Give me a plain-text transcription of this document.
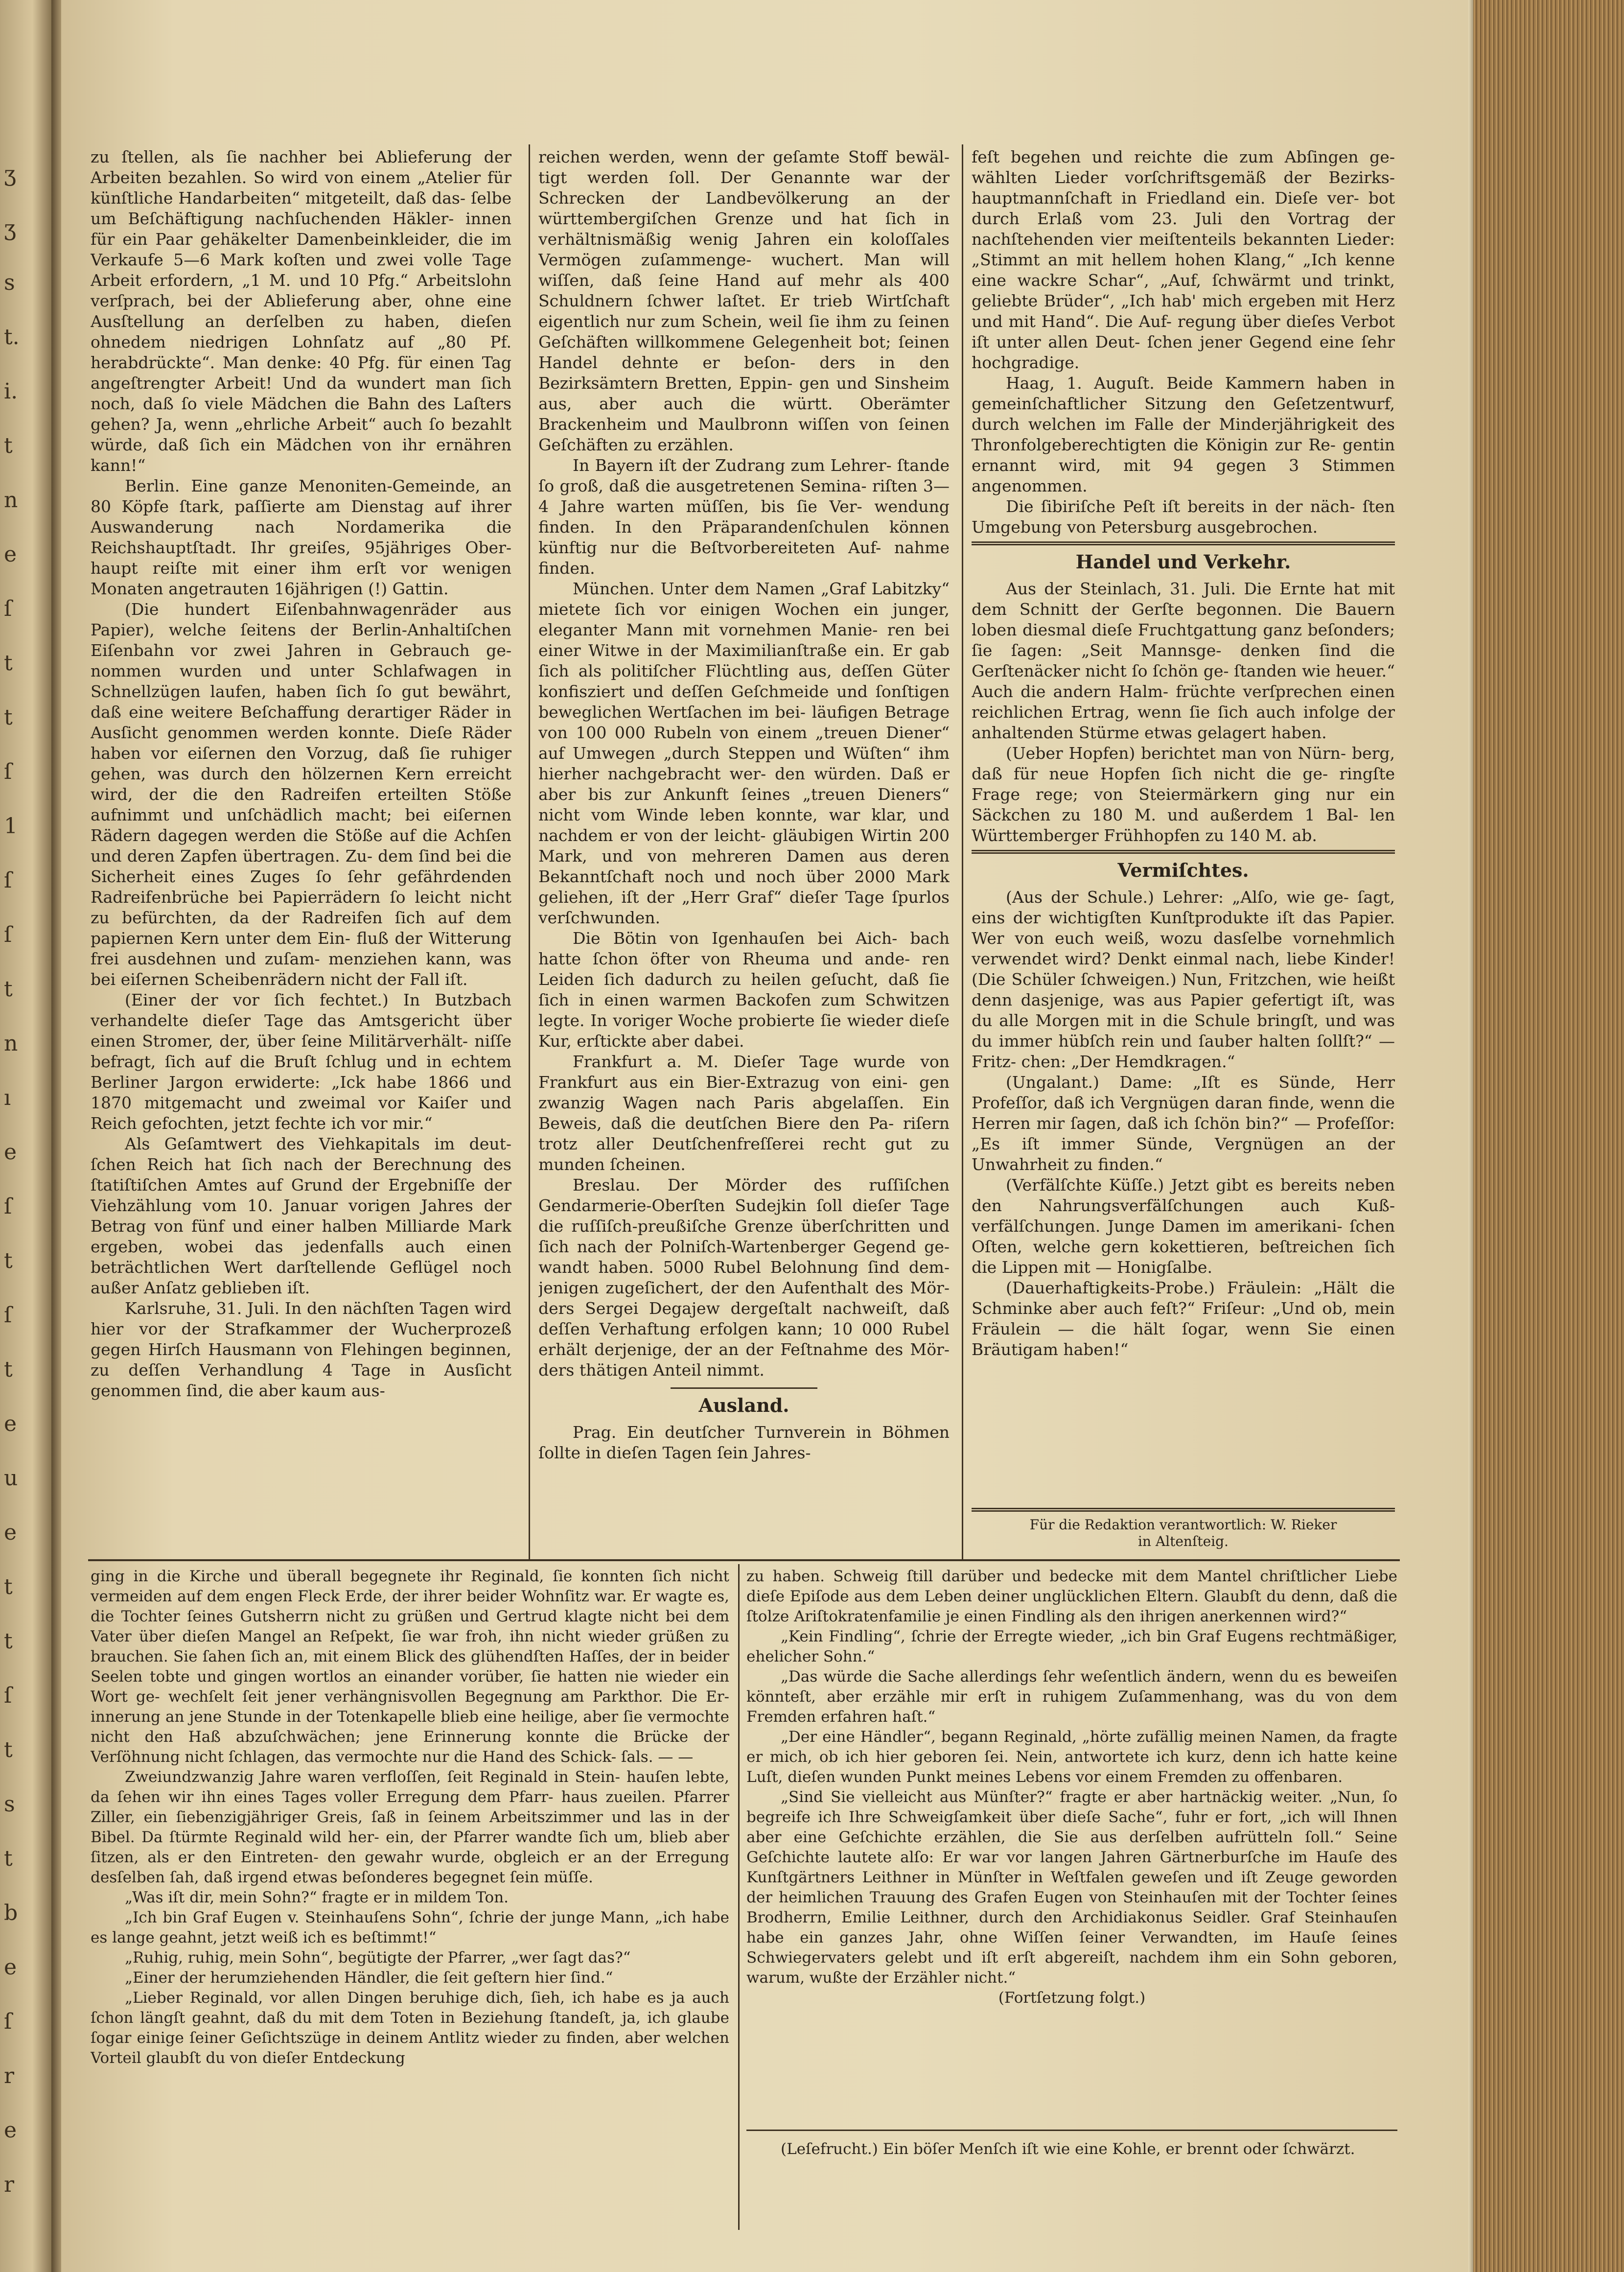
ʒ
ʒ
s
t.
i.
t
n
e
ſ
t
t
ſ
1
ſ
ſ
t
n
ı
e
ſ
t
ſ
t
e
u
e
t
t
ſ
t
s
t
b
e
ſ
r
e
r

zu ſtellen, als ſie nachher bei Ablieferung der Arbeiten bezahlen. So wird von einem „Atelier für künſtliche Handarbeiten“ mitgeteilt, daß das- ſelbe um Beſchäftigung nachſuchenden Häkler- innen für ein Paar gehäkelter Damenbeinkleider, die im Verkaufe 5—6 Mark koſten und zwei volle Tage Arbeit erfordern, „1 M. und 10 Pfg.“ Arbeitslohn verſprach, bei der Ablieferung aber, ohne eine Ausſtellung an derſelben zu haben, dieſen ohnedem niedrigen Lohnſatz auf „80 Pf. herabdrückte“. Man denke: 40 Pfg. für einen Tag angeſtrengter Arbeit! Und da wundert man ſich noch, daß ſo viele Mädchen die Bahn des Laſters gehen? Ja, wenn „ehrliche Arbeit“ auch ſo bezahlt würde, daß ſich ein Mädchen von ihr ernähren kann!“

Berlin. Eine ganze Menoniten-Gemeinde, an 80 Köpfe ſtark, paſſierte am Dienstag auf ihrer Auswanderung nach Nordamerika die Reichshauptſtadt. Ihr greiſes, 95jähriges Ober- haupt reiſte mit einer ihm erſt vor wenigen Monaten angetrauten 16jährigen (!) Gattin.

(Die hundert Eiſenbahnwagenräder aus Papier), welche ſeitens der Berlin-Anhaltiſchen Eiſenbahn vor zwei Jahren in Gebrauch ge- nommen wurden und unter Schlafwagen in Schnellzügen laufen, haben ſich ſo gut bewährt, daß eine weitere Beſchaffung derartiger Räder in Ausſicht genommen werden konnte. Dieſe Räder haben vor eiſernen den Vorzug, daß ſie ruhiger gehen, was durch den hölzernen Kern erreicht wird, der die den Radreifen erteilten Stöße aufnimmt und unſchädlich macht; bei eiſernen Rädern dagegen werden die Stöße auf die Achſen und deren Zapfen übertragen. Zu- dem ſind bei die Sicherheit eines Zuges ſo ſehr gefährdenden Radreifenbrüche bei Papierrädern ſo leicht nicht zu befürchten, da der Radreifen ſich auf dem papiernen Kern unter dem Ein- fluß der Witterung frei ausdehnen und zuſam- menziehen kann, was bei eiſernen Scheibenrädern nicht der Fall iſt.

(Einer der vor ſich fechtet.) In Butzbach verhandelte dieſer Tage das Amtsgericht über einen Stromer, der, über ſeine Militärverhält- niſſe befragt, ſich auf die Bruſt ſchlug und in echtem Berliner Jargon erwiderte: „Ick habe 1866 und 1870 mitgemacht und zweimal vor Kaiſer und Reich gefochten, jetzt fechte ich vor mir.“

Als Geſamtwert des Viehkapitals im deut- ſchen Reich hat ſich nach der Berechnung des ſtatiſtiſchen Amtes auf Grund der Ergebniſſe der Viehzählung vom 10. Januar vorigen Jahres der Betrag von fünf und einer halben Milliarde Mark ergeben, wobei das jedenfalls auch einen beträchtlichen Wert darſtellende Geflügel noch außer Anſatz geblieben iſt.

Karlsruhe, 31. Juli. In den nächſten Tagen wird hier vor der Strafkammer der Wucherprozeß gegen Hirſch Hausmann von Flehingen beginnen, zu deſſen Verhandlung 4 Tage in Ausſicht genommen ſind, die aber kaum aus-

reichen werden, wenn der geſamte Stoff bewäl- tigt werden ſoll. Der Genannte war der Schrecken der Landbevölkerung an der württembergiſchen Grenze und hat ſich in verhältnismäßig wenig Jahren ein koloſſales Vermögen zuſammenge- wuchert. Man will wiſſen, daß ſeine Hand auf mehr als 400 Schuldnern ſchwer laſtet. Er trieb Wirtſchaft eigentlich nur zum Schein, weil ſie ihm zu ſeinen Geſchäften willkommene Gelegenheit bot; ſeinen Handel dehnte er beſon- ders in den Bezirksämtern Bretten, Eppin- gen und Sinsheim aus, aber auch die württ. Oberämter Brackenheim und Maulbronn wiſſen von ſeinen Geſchäften zu erzählen.

In Bayern iſt der Zudrang zum Lehrer- ſtande ſo groß, daß die ausgetretenen Semina- riſten 3—4 Jahre warten müſſen, bis ſie Ver- wendung finden. In den Präparandenſchulen können künftig nur die Beſtvorbereiteten Auf- nahme finden.

München. Unter dem Namen „Graf Labitzky“ mietete ſich vor einigen Wochen ein junger, eleganter Mann mit vornehmen Manie- ren bei einer Witwe in der Maximilianſtraße ein. Er gab ſich als politiſcher Flüchtling aus, deſſen Güter konfisziert und deſſen Geſchmeide und ſonſtigen beweglichen Wertſachen im bei- läufigen Betrage von 100 000 Rubeln von einem „treuen Diener“ auf Umwegen „durch Steppen und Wüſten“ ihm hierher nachgebracht wer- den würden. Daß er aber bis zur Ankunft ſeines „treuen Dieners“ nicht vom Winde leben konnte, war klar, und nachdem er von der leicht- gläubigen Wirtin 200 Mark, und von mehreren Damen aus deren Bekanntſchaft noch und noch über 2000 Mark geliehen, iſt der „Herr Graf“ dieſer Tage ſpurlos verſchwunden.

Die Bötin von Igenhauſen bei Aich- bach hatte ſchon öfter von Rheuma und ande- ren Leiden ſich dadurch zu heilen geſucht, daß ſie ſich in einen warmen Backofen zum Schwitzen legte. In voriger Woche probierte ſie wieder dieſe Kur, erſtickte aber dabei.

Frankfurt a. M. Dieſer Tage wurde von Frankfurt aus ein Bier-Extrazug von eini- gen zwanzig Wagen nach Paris abgelaſſen. Ein Beweis, daß die deutſchen Biere den Pa- riſern trotz aller Deutſchenfreſſerei recht gut zu munden ſcheinen.

Breslau. Der Mörder des ruſſiſchen Gendarmerie-Oberſten Sudejkin ſoll dieſer Tage die ruſſiſch-preußiſche Grenze überſchritten und ſich nach der Polniſch-Wartenberger Gegend ge- wandt haben. 5000 Rubel Belohnung ſind dem- jenigen zugeſichert, der den Aufenthalt des Mör- ders Sergei Degajew dergeſtalt nachweiſt, daß deſſen Verhaftung erfolgen kann; 10 000 Rubel erhält derjenige, der an der Feſtnahme des Mör- ders thätigen Anteil nimmt.

Ausland.

Prag. Ein deutſcher Turnverein in Böhmen ſollte in dieſen Tagen ſein Jahres-

feſt begehen und reichte die zum Abſingen ge- wählten Lieder vorſchriftsgemäß der Bezirks- hauptmannſchaft in Friedland ein. Dieſe ver- bot durch Erlaß vom 23. Juli den Vortrag der nachſtehenden vier meiſtenteils bekannten Lieder: „Stimmt an mit hellem hohen Klang,“ „Ich kenne eine wackre Schar“, „Auf, ſchwärmt und trinkt, geliebte Brüder“, „Ich hab' mich ergeben mit Herz und mit Hand“. Die Auf- regung über dieſes Verbot iſt unter allen Deut- ſchen jener Gegend eine ſehr hochgradige.

Haag, 1. Auguſt. Beide Kammern haben in gemeinſchaftlicher Sitzung den Geſetzentwurf, durch welchen im Falle der Minderjährigkeit des Thronfolgeberechtigten die Königin zur Re- gentin ernannt wird, mit 94 gegen 3 Stimmen angenommen.

Die ſibiriſche Peſt iſt bereits in der näch- ſten Umgebung von Petersburg ausgebrochen.

Handel und Verkehr.

Aus der Steinlach, 31. Juli. Die Ernte hat mit dem Schnitt der Gerſte begonnen. Die Bauern loben diesmal dieſe Fruchtgattung ganz beſonders; ſie ſagen: „Seit Mannsge- denken ſind die Gerſtenäcker nicht ſo ſchön ge- ſtanden wie heuer.“ Auch die andern Halm- früchte verſprechen einen reichlichen Ertrag, wenn ſie ſich auch infolge der anhaltenden Stürme etwas gelagert haben.

(Ueber Hopfen) berichtet man von Nürn- berg, daß für neue Hopfen ſich nicht die ge- ringſte Frage rege; von Steiermärkern ging nur ein Säckchen zu 180 M. und außerdem 1 Bal- len Württemberger Frühhopfen zu 140 M. ab.

Vermiſchtes.

(Aus der Schule.) Lehrer: „Alſo, wie ge- ſagt, eins der wichtigſten Kunſtprodukte iſt das Papier. Wer von euch weiß, wozu dasſelbe vornehmlich verwendet wird? Denkt einmal nach, liebe Kinder! (Die Schüler ſchweigen.) Nun, Fritzchen, wie heißt denn dasjenige, was aus Papier gefertigt iſt, was du alle Morgen mit in die Schule bringſt, und was du immer hübſch rein und ſauber halten ſollſt?“ — Fritz- chen: „Der Hemdkragen.“

(Ungalant.) Dame: „Iſt es Sünde, Herr Profeſſor, daß ich Vergnügen daran finde, wenn die Herren mir ſagen, daß ich ſchön bin?“ — Profeſſor: „Es iſt immer Sünde, Vergnügen an der Unwahrheit zu finden.“

(Verfälſchte Küſſe.) Jetzt gibt es bereits neben den Nahrungsverfälſchungen auch Kuß- verfälſchungen. Junge Damen im amerikani- ſchen Oſten, welche gern kokettieren, beſtreichen ſich die Lippen mit — Honigſalbe.

(Dauerhaftigkeits-Probe.) Fräulein: „Hält die Schminke aber auch feſt?“ Friſeur: „Und ob, mein Fräulein — die hält ſogar, wenn Sie einen Bräutigam haben!“

Für die Redaktion verantwortlich: W. Rieker
in Altenſteig.

ging in die Kirche und überall begegnete ihr Reginald, ſie konnten ſich nicht vermeiden auf dem engen Fleck Erde, der ihrer beider Wohnſitz war. Er wagte es, die Tochter ſeines Gutsherrn nicht zu grüßen und Gertrud klagte nicht bei dem Vater über dieſen Mangel an Reſpekt, ſie war froh, ihn nicht wieder grüßen zu brauchen. Sie ſahen ſich an, mit einem Blick des glühendſten Haſſes, der in beider Seelen tobte und gingen wortlos an einander vorüber, ſie hatten nie wieder ein Wort ge- wechſelt ſeit jener verhängnisvollen Begegnung am Parkthor. Die Er- innerung an jene Stunde in der Totenkapelle blieb eine heilige, aber ſie vermochte nicht den Haß abzuſchwächen; jene Erinnerung konnte die Brücke der Verſöhnung nicht ſchlagen, das vermochte nur die Hand des Schick- ſals. — —

Zweiundzwanzig Jahre waren verfloſſen, ſeit Reginald in Stein- hauſen lebte, da ſehen wir ihn eines Tages voller Erregung dem Pfarr- haus zueilen. Pfarrer Ziller, ein ſiebenzigjähriger Greis, ſaß in ſeinem Arbeitszimmer und las in der Bibel. Da ſtürmte Reginald wild her- ein, der Pfarrer wandte ſich um, blieb aber ſitzen, als er den Eintreten- den gewahr wurde, obgleich er an der Erregung desſelben ſah, daß irgend etwas beſonderes begegnet ſein müſſe.

„Was iſt dir, mein Sohn?“ fragte er in mildem Ton.

„Ich bin Graf Eugen v. Steinhauſens Sohn“, ſchrie der junge Mann, „ich habe es lange geahnt, jetzt weiß ich es beſtimmt!“

„Ruhig, ruhig, mein Sohn“, begütigte der Pfarrer, „wer ſagt das?“

„Einer der herumziehenden Händler, die ſeit geſtern hier ſind.“

„Lieber Reginald, vor allen Dingen beruhige dich, ſieh, ich habe es ja auch ſchon längſt geahnt, daß du mit dem Toten in Beziehung ſtandeſt, ja, ich glaube ſogar einige ſeiner Geſichtszüge in deinem Antlitz wieder zu finden, aber welchen Vorteil glaubſt du von dieſer Entdeckung

zu haben. Schweig ſtill darüber und bedecke mit dem Mantel chriſtlicher Liebe dieſe Epiſode aus dem Leben deiner unglücklichen Eltern. Glaubſt du denn, daß die ſtolze Ariſtokratenfamilie je einen Findling als den ihrigen anerkennen wird?“

„Kein Findling“, ſchrie der Erregte wieder, „ich bin Graf Eugens rechtmäßiger, ehelicher Sohn.“

„Das würde die Sache allerdings ſehr weſentlich ändern, wenn du es beweiſen könnteſt, aber erzähle mir erſt in ruhigem Zuſammenhang, was du von dem Fremden erfahren haſt.“

„Der eine Händler“, begann Reginald, „hörte zufällig meinen Namen, da fragte er mich, ob ich hier geboren ſei. Nein, antwortete ich kurz, denn ich hatte keine Luſt, dieſen wunden Punkt meines Lebens vor einem Fremden zu offenbaren.

„Sind Sie vielleicht aus Münſter?“ fragte er aber hartnäckig weiter. „Nun, ſo begreife ich Ihre Schweigſamkeit über dieſe Sache“, fuhr er fort, „ich will Ihnen aber eine Geſchichte erzählen, die Sie aus derſelben aufrütteln ſoll.“ Seine Geſchichte lautete alſo: Er war vor langen Jahren Gärtnerburſche im Hauſe des Kunſtgärtners Leithner in Münſter in Weſtfalen geweſen und iſt Zeuge geworden der heimlichen Trauung des Grafen Eugen von Steinhauſen mit der Tochter ſeines Brodherrn, Emilie Leithner, durch den Archidiakonus Seidler. Graf Steinhauſen habe ein ganzes Jahr, ohne Wiſſen ſeiner Verwandten, im Hauſe ſeines Schwiegervaters gelebt und iſt erſt abgereiſt, nachdem ihm ein Sohn geboren, warum, wußte der Erzähler nicht.“

(Fortſetzung folgt.)

(Leſefrucht.) Ein böſer Menſch iſt wie eine Kohle, er brennt oder ſchwärzt.
